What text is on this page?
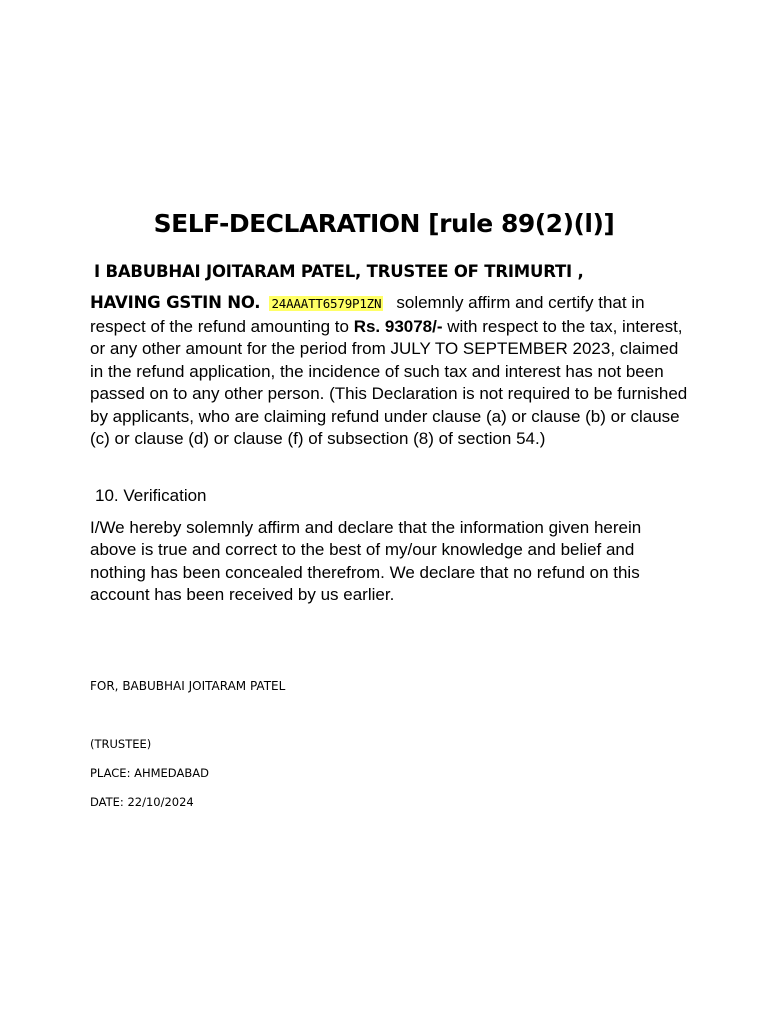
SELF-DECLARATION [rule 89(2)(l)]
I BABUBHAI JOITARAM PATEL, TRUSTEE OF TRIMURTI ,
HAVING GSTIN NO. 24AAATT6579P1ZN solemnly affirm and certify that in

respect of the refund amounting to Rs. 93078/- with respect to the tax, interest, or any other amount for the period from JULY TO SEPTEMBER 2023, claimed in the refund application, the incidence of such tax and interest has not been passed on to any other person. (This Declaration is not required to be furnished by applicants, who are claiming refund under clause (a) or clause (b) or clause (c) or clause (d) or clause (f) of subsection (8) of section 54.)

10. Verification

I/We hereby solemnly affirm and declare that the information given herein above is true and correct to the best of my/our knowledge and belief and nothing has been concealed therefrom. We declare that no refund on this account has been received by us earlier.

FOR, BABUBHAI JOITARAM PATEL

(TRUSTEE)

PLACE: AHMEDABAD

DATE: 22/10/2024
